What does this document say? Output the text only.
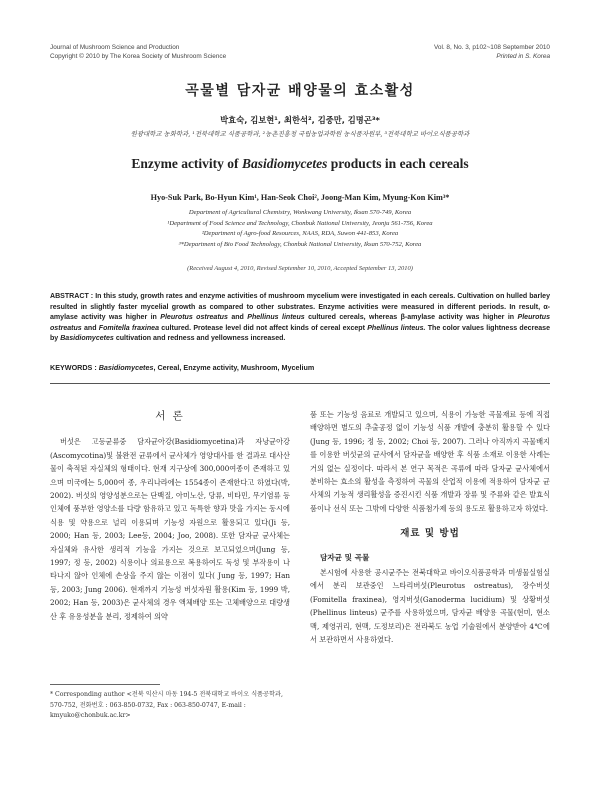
Journal of Mushroom Science and Production
Copyright © 2010 by The Korea Society of Mushroom Science
Vol. 8, No. 3, p102~108 September 2010
Printed in S. Korea
곡물별 담자균 배양물의 효소활성
박효숙, 김보현¹, 최한석², 김중만, 김명곤³*
원광대학교 농화학과, ¹전북대학교 식품공학과, ²농촌진흥청 국립농업과학원 농식품자원부, ³전북대학교 바이오식품공학과
Enzyme activity of Basidiomycetes products in each cereals
Hyo-Suk Park, Bo-Hyun Kim¹, Han-Seok Choi², Joong-Man Kim, Myung-Kon Kim³*
Department of Agricultural Chemistry, Wonkwang University, Iksan 570-749, Korea
¹Department of Food Science and Technology, Chonbuk National University, Jeonju 561-756, Korea
²Department of Agro-food Resources, NAAS, RDA, Suwon 441-853, Korea
³*Department of Bio Food Technology, Chonbuk National University, Iksan 570-752, Korea
(Received August 4, 2010, Revised September 10, 2010, Accepted September 13, 2010)
ABSTRACT : In this study, growth rates and enzyme activities of mushroom mycelium were investigated in each cereals. Cultivation on hulled barley resulted in slightly faster mycelial growth as compared to other substrates. Enzyme activities were measured in different periods. In result, α-amylase activity was higher in Pleurotus ostreatus and Phellinus linteus cultured cereals, whereas β-amylase activity was higher in Pleurotus ostreatus and Fomitella fraxinea cultured. Protease level did not affect kinds of cereal except Phellinus linteus. The color values lightness decrease by Basidiomycetes cultivation and redness and yellowness increased.
KEYWORDS : Basidiomycetes, Cereal, Enzyme activity, Mushroom, Mycelium
서 론

버섯은 고등균류중 담자균아강(Basidiomycetina)과 자낭균아강(Ascomycotina)및 불완전 균류에서 균사체가 영양대사를 한 결과로 대사산물이 축적된 자실체의 형태이다. 현재 지구상에 300,000여종이 존재하고 있으며 미국에는 5,000여 종, 우리나라에는 1554종이 존재한다고 하였다(박, 2002). 버섯의 영양성분으로는 단백질, 아미노산, 당류, 비타민, 무기염류 등 인체에 풍부한 영양소를 다량 함유하고 있고 독특한 향과 맛을 가지는 동시에 식용 및 약용으로 널리 이용되며 기능성 자원으로 활용되고 있다(Ji 등, 2000; Han 등, 2003; Lee등, 2004; Joo, 2008). 또한 담자균 균사체는 자실체와 유사한 생리적 기능을 가지는 것으로 보고되었으며(Jung 등, 1997; 정 등, 2002) 식용이나 의료용으로 복용하여도 독성 및 부작용이 나타나지 않아 인체에 손상을 주지 않는 이점이 있다( Jung 등, 1997; Han 등, 2003; Jung 2006). 현재까지 기능성 버섯자원 활용(Kim 등, 1999 박, 2002; Han 등, 2003)은 균사체의 경우 액체배양 또는 고체배양으로 대량생산 후 유용성분을 분리, 정제하여 의약

품 또는 기능성 음료로 개발되고 있으며, 식용이 가능한 곡물재료 등에 직접 배양하면 별도의 추출공정 없이 기능성 식품 개발에 충분히 활용할 수 있다(Jung 등, 1996; 정 등, 2002; Choi 등, 2007). 그러나 아직까지 곡물배지를 이용한 버섯균의 균사에서 담자균을 배양한 후 식품 소재로 이용한 사례는 거의 없는 실정이다. 따라서 본 연구 목적은 곡류에 따라 담자균 균사체에서 분비하는 효소의 활성을 측정하여 곡물의 산업적 이용에 적용하여 담자균 균사체의 기능적 생리활성을 증진시킨 식품 개발과 장류 및 주류와 같은 발효식품이나 선식 또는 그밖에 다양한 식품첨가제 등의 용도로 활용하고자 하였다.

재료 및 방법
담자균 및 곡물

본시험에 사용한 공시균주는 전북대학교 바이오식품공학과 미생물실험실에서 분리 보관중인 느타리버섯(Pleurotus ostreatus), 장수버섯(Fomitella fraxinea), 영지버섯(Ganoderma lucidium) 및 상황버섯(Phellinus linteus) 균주를 사용하였으며, 담자균 배양용 곡물(현미, 현소맥, 제영귀리, 현맥, 도정보리)은 전라북도 농업 기술원에서 분양받아 4℃에서 보관하면서 사용하였다.

* Corresponding author <전북 익산시 마동 194-5 전북대학교 바이오 식품공학과, 570-752, 전화번호 : 063-850-0732, Fax : 063-850-0747, E-mail : kmyuko@chonbuk.ac.kr>
